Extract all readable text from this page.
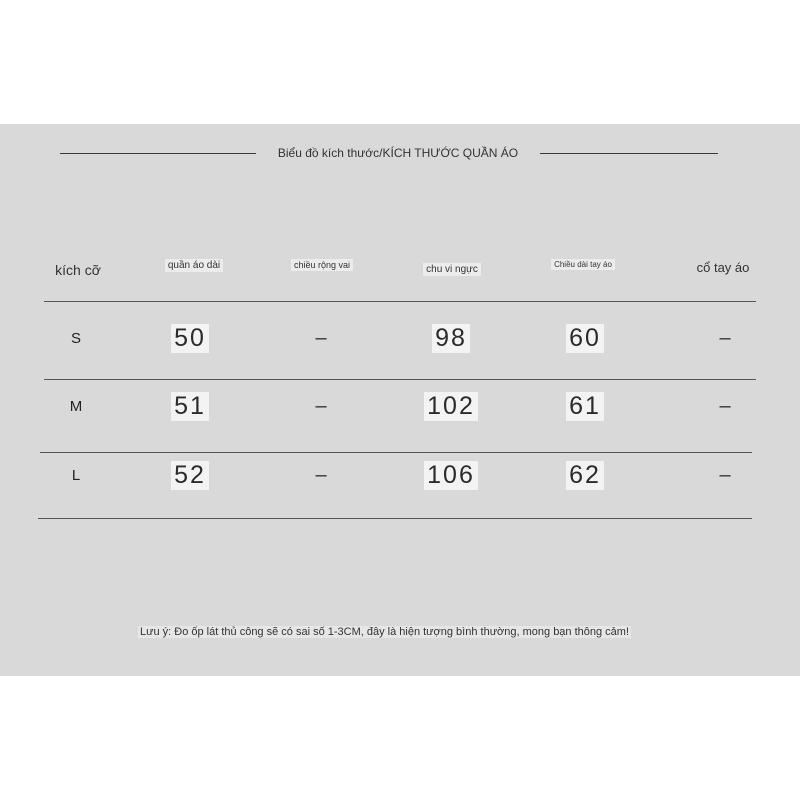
Biểu đồ kích thước/KÍCH THƯỚC QUẦN ÁO
kích cỡ	quần áo dài	chiều rộng vai	chu vi ngực	Chiều dài tay áo	cổ tay áo
S	50	–	98	60	–
M	51	–	102	61	–
L	52	–	106	62	–
Lưu ý: Đo ốp lát thủ công sẽ có sai số 1-3CM, đây là hiện tượng bình thường, mong bạn thông cảm!
